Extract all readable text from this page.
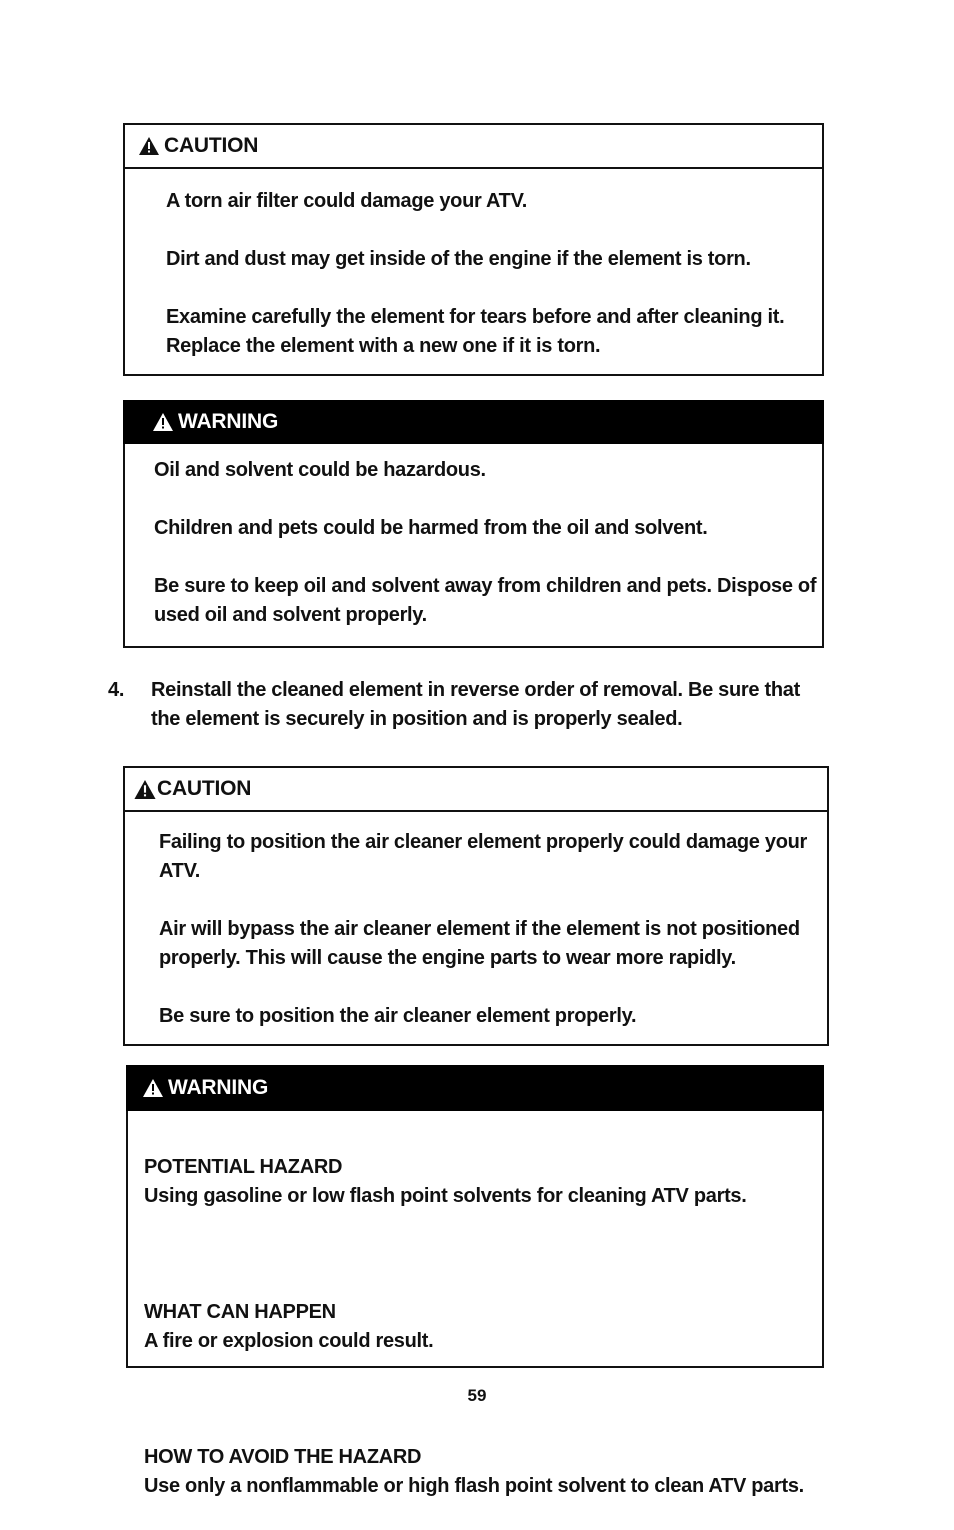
CAUTION

A torn air filter could damage your ATV.

Dirt and dust may get inside of the engine if the element is torn.

Examine carefully the element for tears before and after cleaning it. Replace the element with a new one if it is torn.

WARNING

Oil and solvent could be hazardous.

Children and pets could be harmed from the oil and solvent.

Be sure to keep oil and solvent away from children and pets. Dispose of used oil and solvent properly.

4. Reinstall the cleaned element in reverse order of removal. Be sure that the element is securely in position and is properly sealed.
CAUTION

Failing to position the air cleaner element properly could damage your ATV.

Air will bypass the air cleaner element if the element is not positioned properly. This will cause the engine parts to wear more rapidly.

Be sure to position the air cleaner element properly.

WARNING

POTENTIAL HAZARD
Using gasoline or low flash point solvents for cleaning ATV parts.

WHAT CAN HAPPEN
A fire or explosion could result.

HOW TO AVOID THE HAZARD
Use only a nonflammable or high flash point solvent to clean ATV parts.

59
